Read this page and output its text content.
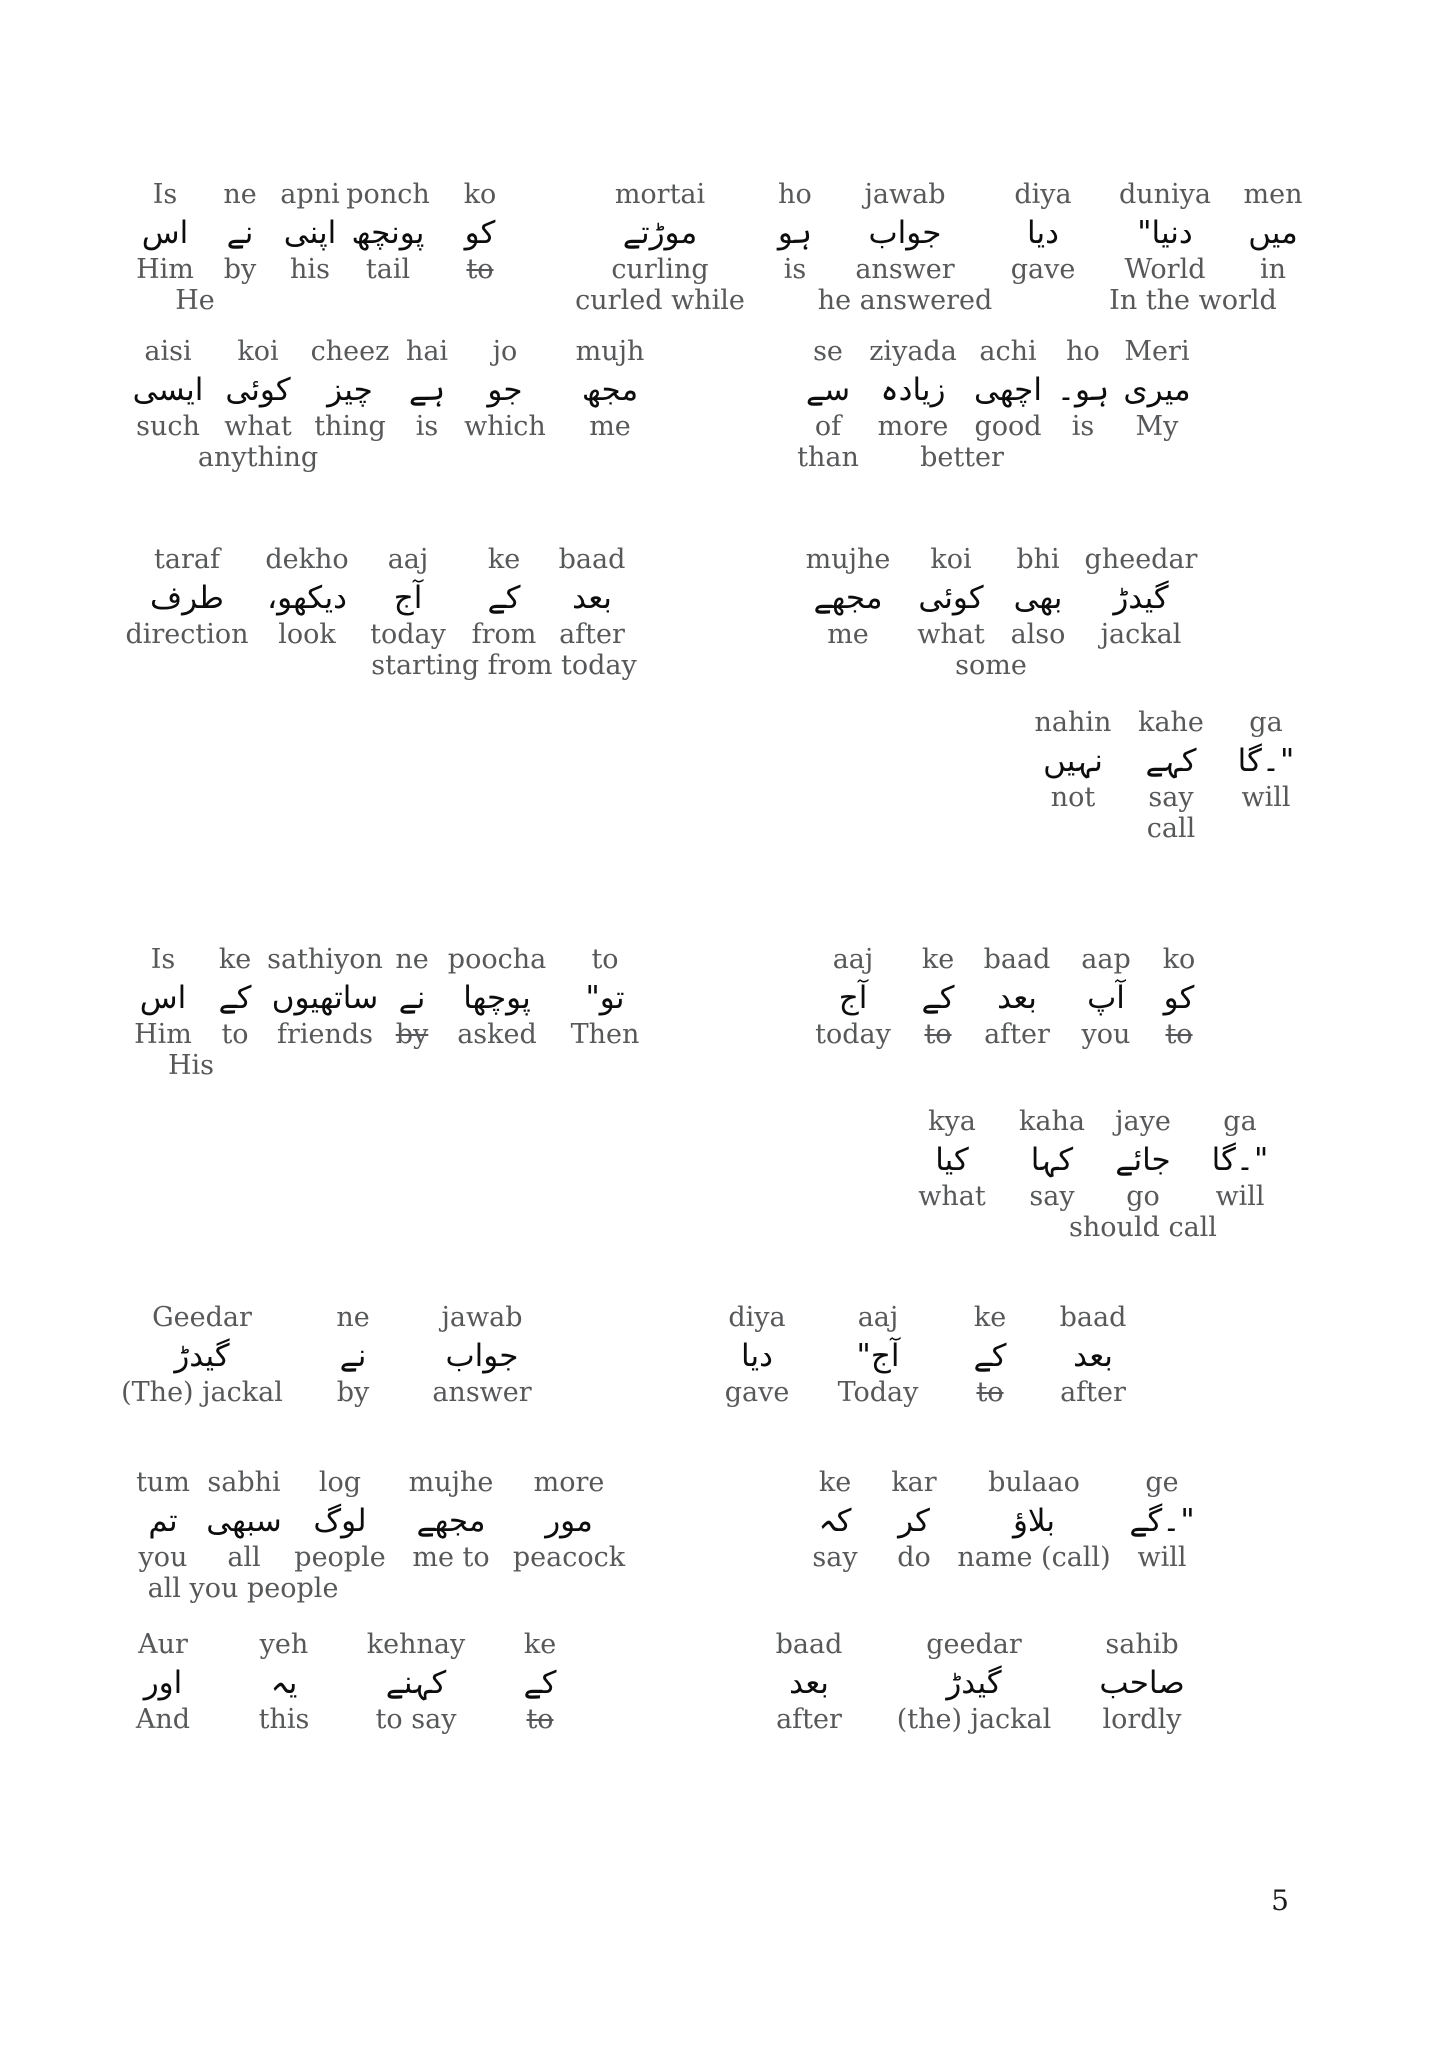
Is
اس
Him
He
ne
نے
by
apni
اپنی
his
ponch
پونچھ
tail
ko
کو
to
mortai
موڑتے
curling
curled while
ho
ہو
is
jawab
جواب
answer
he answered
diya
دیا
gave
duniya
" دنیا
World
In the world
men
میں
in
aisi
ایسی
such
koi
کوئی
what
anything
cheez
چیز
thing
hai
ہے
is
jo
جو
which
mujh
مجھ
me
se
سے
of
than
ziyada
زیادہ
more
achi
اچھی
good
better
ho
ہو۔
is
Meri
میری
My
taraf
طرف
direction
dekho
دیکھو،
look
aaj
آج
today
ke
کے
from
starting from today
baad
بعد
after
mujhe
مجھے
me
koi
کوئی
what
some
bhi
بھی
also
gheedar
گیدڑ
jackal
nahin
نہیں
not
kahe
کہے
say
call
ga
گا ۔"
will
Is
اس
Him
His
ke
کے
to
sathiyon
ساتھیوں
friends
ne
نے
by
poocha
پوچھا
asked
to
" تو
Then
aaj
آج
today
ke
کے
to
baad
بعد
after
aap
آپ
you
ko
کو
to
kya
کیا
what
kaha
کہا
say
jaye
جائے
go
should call
ga
گا ۔"
will
Geedar
گیدڑ
(The) jackal
ne
نے
by
jawab
جواب
answer
diya
دیا
gave
aaj
" آج
Today
ke
کے
to
baad
بعد
after
tum
تم
you
all you people
sabhi
سبھی
all
log
لوگ
people
mujhe
مجھے
me to
more
مور
peacock
ke
کہ
say
kar
کر
do
bulaao
بلاؤ
name (call)
ge
گے ۔"
will
Aur
اور
And
yeh
یہ
this
kehnay
کہنے
to say
ke
کے
to
baad
بعد
after
geedar
گیدڑ
(the) jackal
sahib
صاحب
lordly
5
